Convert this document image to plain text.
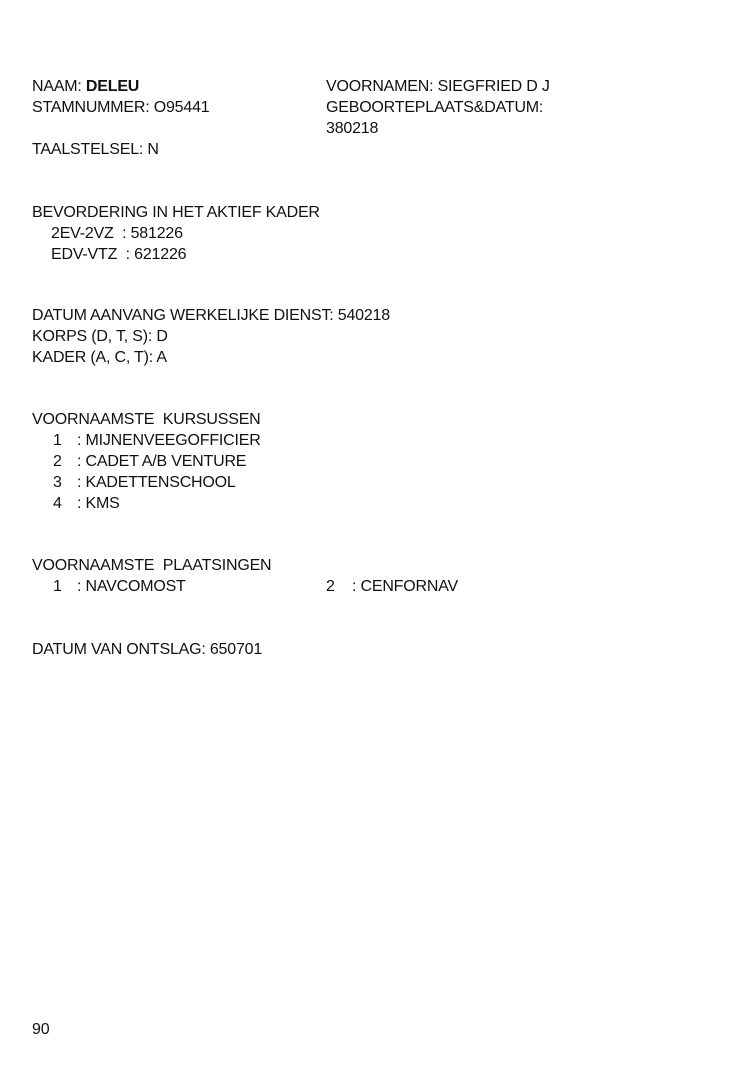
NAAM: DELEU	VOORNAMEN: SIEGFRIED D J
STAMNUMMER: O95441	GEBOORTEPLAATS&DATUM:
380218
TAALSTELSEL: N
BEVORDERING IN HET AKTIEF KADER
2EV-2VZ  : 581226
EDV-VTZ  : 621226
DATUM AANVANG WERKELIJKE DIENST: 540218
KORPS (D, T, S): D
KADER (A, C, T): A
VOORNAAMSTE  KURSUSSEN
1 : MIJNENVEEGOFFICIER
2 : CADET A/B VENTURE
3 : KADETTENSCHOOL
4 : KMS
VOORNAAMSTE  PLAATSINGEN
1 : NAVCOMOST	2 : CENFORNAV
DATUM VAN ONTSLAG: 650701
90
